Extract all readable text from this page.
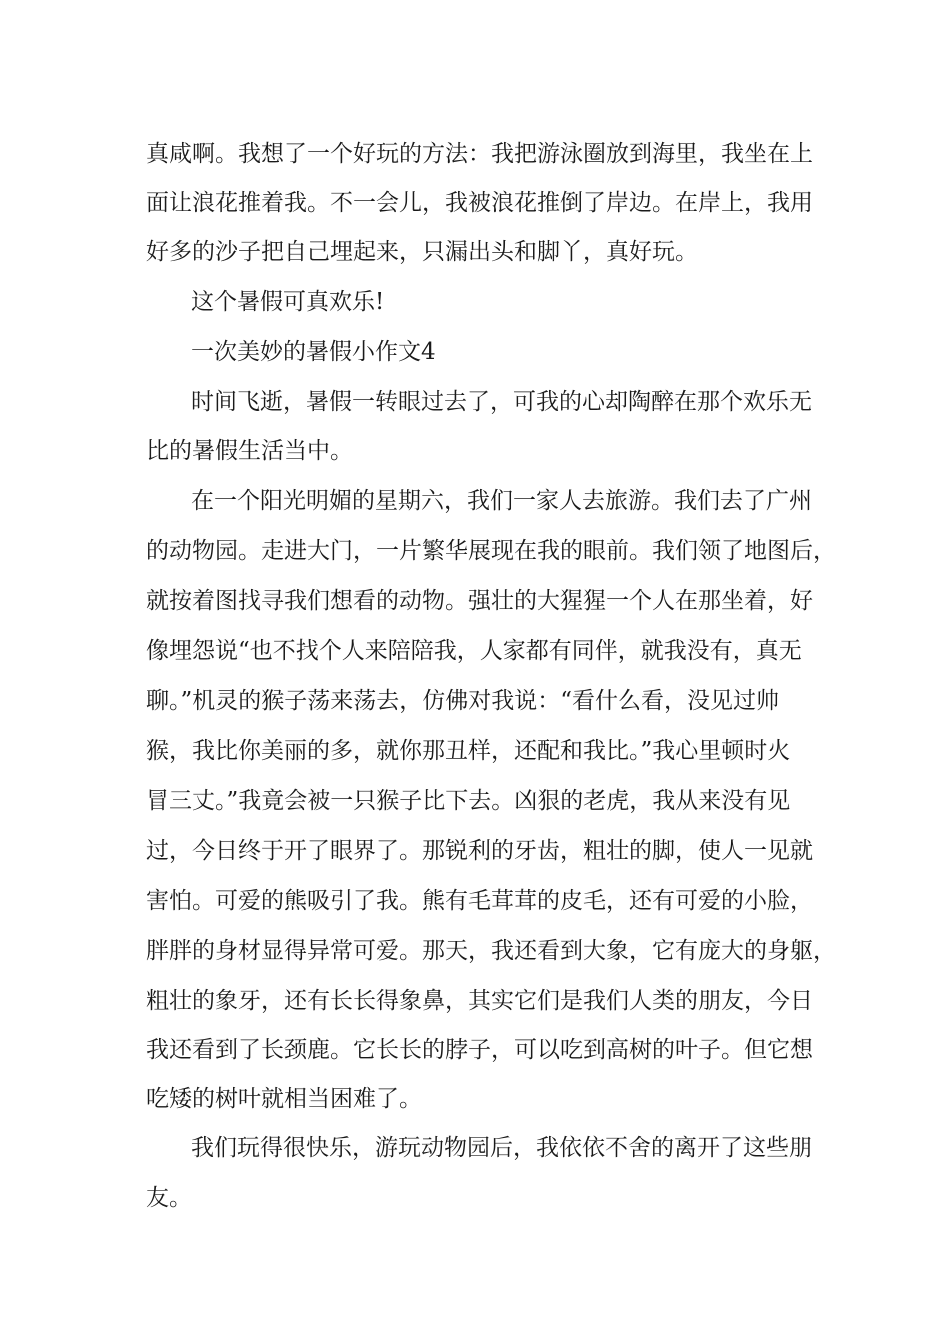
真咸啊。我想了一个好玩的方法：我把游泳圈放到海里，我坐在上
面让浪花推着我。不一会儿，我被浪花推倒了岸边。在岸上，我用
好多的沙子把自己埋起来，只漏出头和脚丫，真好玩。
这个暑假可真欢乐!
一次美妙的暑假小作文4
时间飞逝，暑假一转眼过去了，可我的心却陶醉在那个欢乐无
比的暑假生活当中。
在一个阳光明媚的星期六，我们一家人去旅游。我们去了广州
的动物园。走进大门，一片繁华展现在我的眼前。我们领了地图后，
就按着图找寻我们想看的动物。强壮的大猩猩一个人在那坐着，好
像埋怨说“也不找个人来陪陪我，人家都有同伴，就我没有，真无
聊。”机灵的猴子荡来荡去，仿佛对我说：“看什么看，没见过帅
猴，我比你美丽的多，就你那丑样，还配和我比。”我心里顿时火
冒三丈。”我竟会被一只猴子比下去。凶狠的老虎，我从来没有见
过，今日终于开了眼界了。那锐利的牙齿，粗壮的脚，使人一见就
害怕。可爱的熊吸引了我。熊有毛茸茸的皮毛，还有可爱的小脸，
胖胖的身材显得异常可爱。那天，我还看到大象，它有庞大的身躯，
粗壮的象牙，还有长长得象鼻，其实它们是我们人类的朋友，今日
我还看到了长颈鹿。它长长的脖子，可以吃到高树的叶子。但它想
吃矮的树叶就相当困难了。
我们玩得很快乐，游玩动物园后，我依依不舍的离开了这些朋
友。
